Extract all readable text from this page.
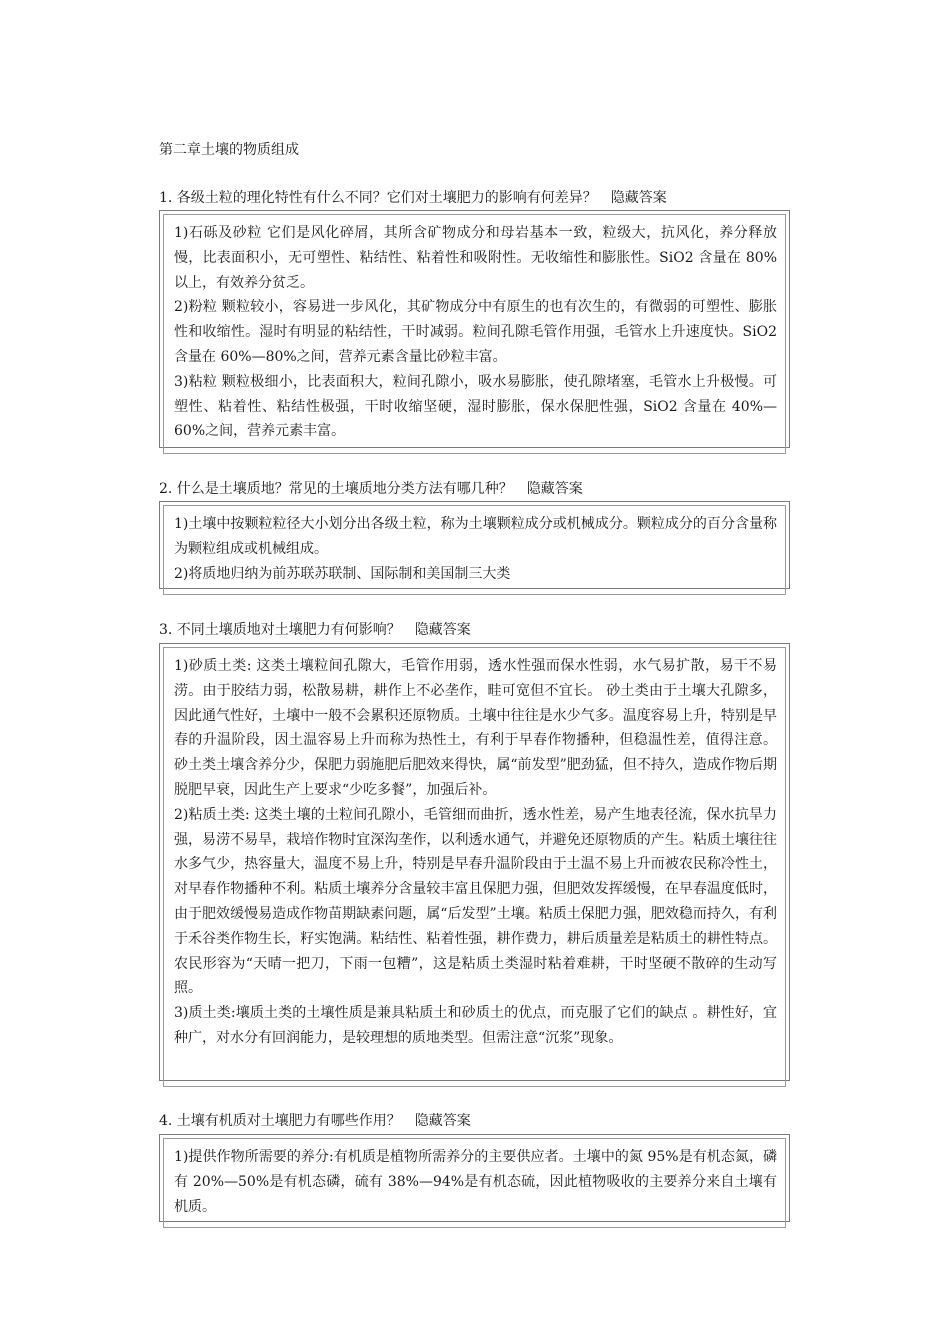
第二章土壤的物质组成
1. 各级土粒的理化特性有什么不同？它们对土壤肥力的影响有何差异？ 隐藏答案

1)石砾及砂粒 它们是风化碎屑，其所含矿物成分和母岩基本一致，粒级大，抗风化，养分释放慢，比表面积小，无可塑性、粘结性、粘着性和吸附性。无收缩性和膨胀性。SiO2 含量在 80%以上，有效养分贫乏。

2)粉粒 颗粒较小，容易进一步风化，其矿物成分中有原生的也有次生的，有微弱的可塑性、膨胀性和收缩性。湿时有明显的粘结性，干时减弱。粒间孔隙毛管作用强，毛管水上升速度快。SiO2 含量在 60%—80%之间，营养元素含量比砂粒丰富。

3)粘粒 颗粒极细小，比表面积大，粒间孔隙小，吸水易膨胀，使孔隙堵塞，毛管水上升极慢。可塑性、粘着性、粘结性极强，干时收缩坚硬，湿时膨胀，保水保肥性强，SiO2 含量在 40%—60%之间，营养元素丰富。

2. 什么是土壤质地？常见的土壤质地分类方法有哪几种？ 隐藏答案

1)土壤中按颗粒粒径大小划分出各级土粒，称为土壤颗粒成分或机械成分。颗粒成分的百分含量称为颗粒组成或机械组成。

2)将质地归纳为前苏联苏联制、国际制和美国制三大类

3. 不同土壤质地对土壤肥力有何影响？ 隐藏答案

1)砂质土类: 这类土壤粒间孔隙大，毛管作用弱，透水性强而保水性弱，水气易扩散，易干不易涝。由于胶结力弱，松散易耕，耕作上不必垄作，畦可宽但不宜长。 砂土类由于土壤大孔隙多，因此通气性好，土壤中一般不会累积还原物质。土壤中往往是水少气多。温度容易上升，特别是早春的升温阶段，因土温容易上升而称为热性土，有利于早春作物播种，但稳温性差，值得注意。 砂土类土壤含养分少，保肥力弱施肥后肥效来得快，属“前发型”肥劲猛，但不持久，造成作物后期脱肥早衰，因此生产上要求“少吃多餐”，加强后补。

2)粘质土类: 这类土壤的土粒间孔隙小，毛管细而曲折，透水性差，易产生地表径流，保水抗旱力强，易涝不易旱，栽培作物时宜深沟垄作，以利透水通气，并避免还原物质的产生。粘质土壤往往水多气少，热容量大，温度不易上升，特别是早春升温阶段由于土温不易上升而被农民称冷性土，对早春作物播种不利。粘质土壤养分含量较丰富且保肥力强，但肥效发挥缓慢，在早春温度低时，由于肥效缓慢易造成作物苗期缺素问题，属“后发型”土壤。粘质土保肥力强，肥效稳而持久，有利于禾谷类作物生长，籽实饱满。粘结性、粘着性强，耕作费力，耕后质量差是粘质土的耕性特点。农民形容为“天晴一把刀，下雨一包糟”，这是粘质土类湿时粘着难耕，干时坚硬不散碎的生动写照。

3)质土类:壤质土类的土壤性质是兼具粘质土和砂质土的优点，而克服了它们的缺点 。耕性好，宜种广，对水分有回润能力，是较理想的质地类型。但需注意“沉浆”现象。

4. 土壤有机质对土壤肥力有哪些作用？ 隐藏答案

1)提供作物所需要的养分:有机质是植物所需养分的主要供应者。土壤中的氮 95%是有机态氮，磷有 20%—50%是有机态磷，硫有 38%—94%是有机态硫，因此植物吸收的主要养分来自土壤有机质。
